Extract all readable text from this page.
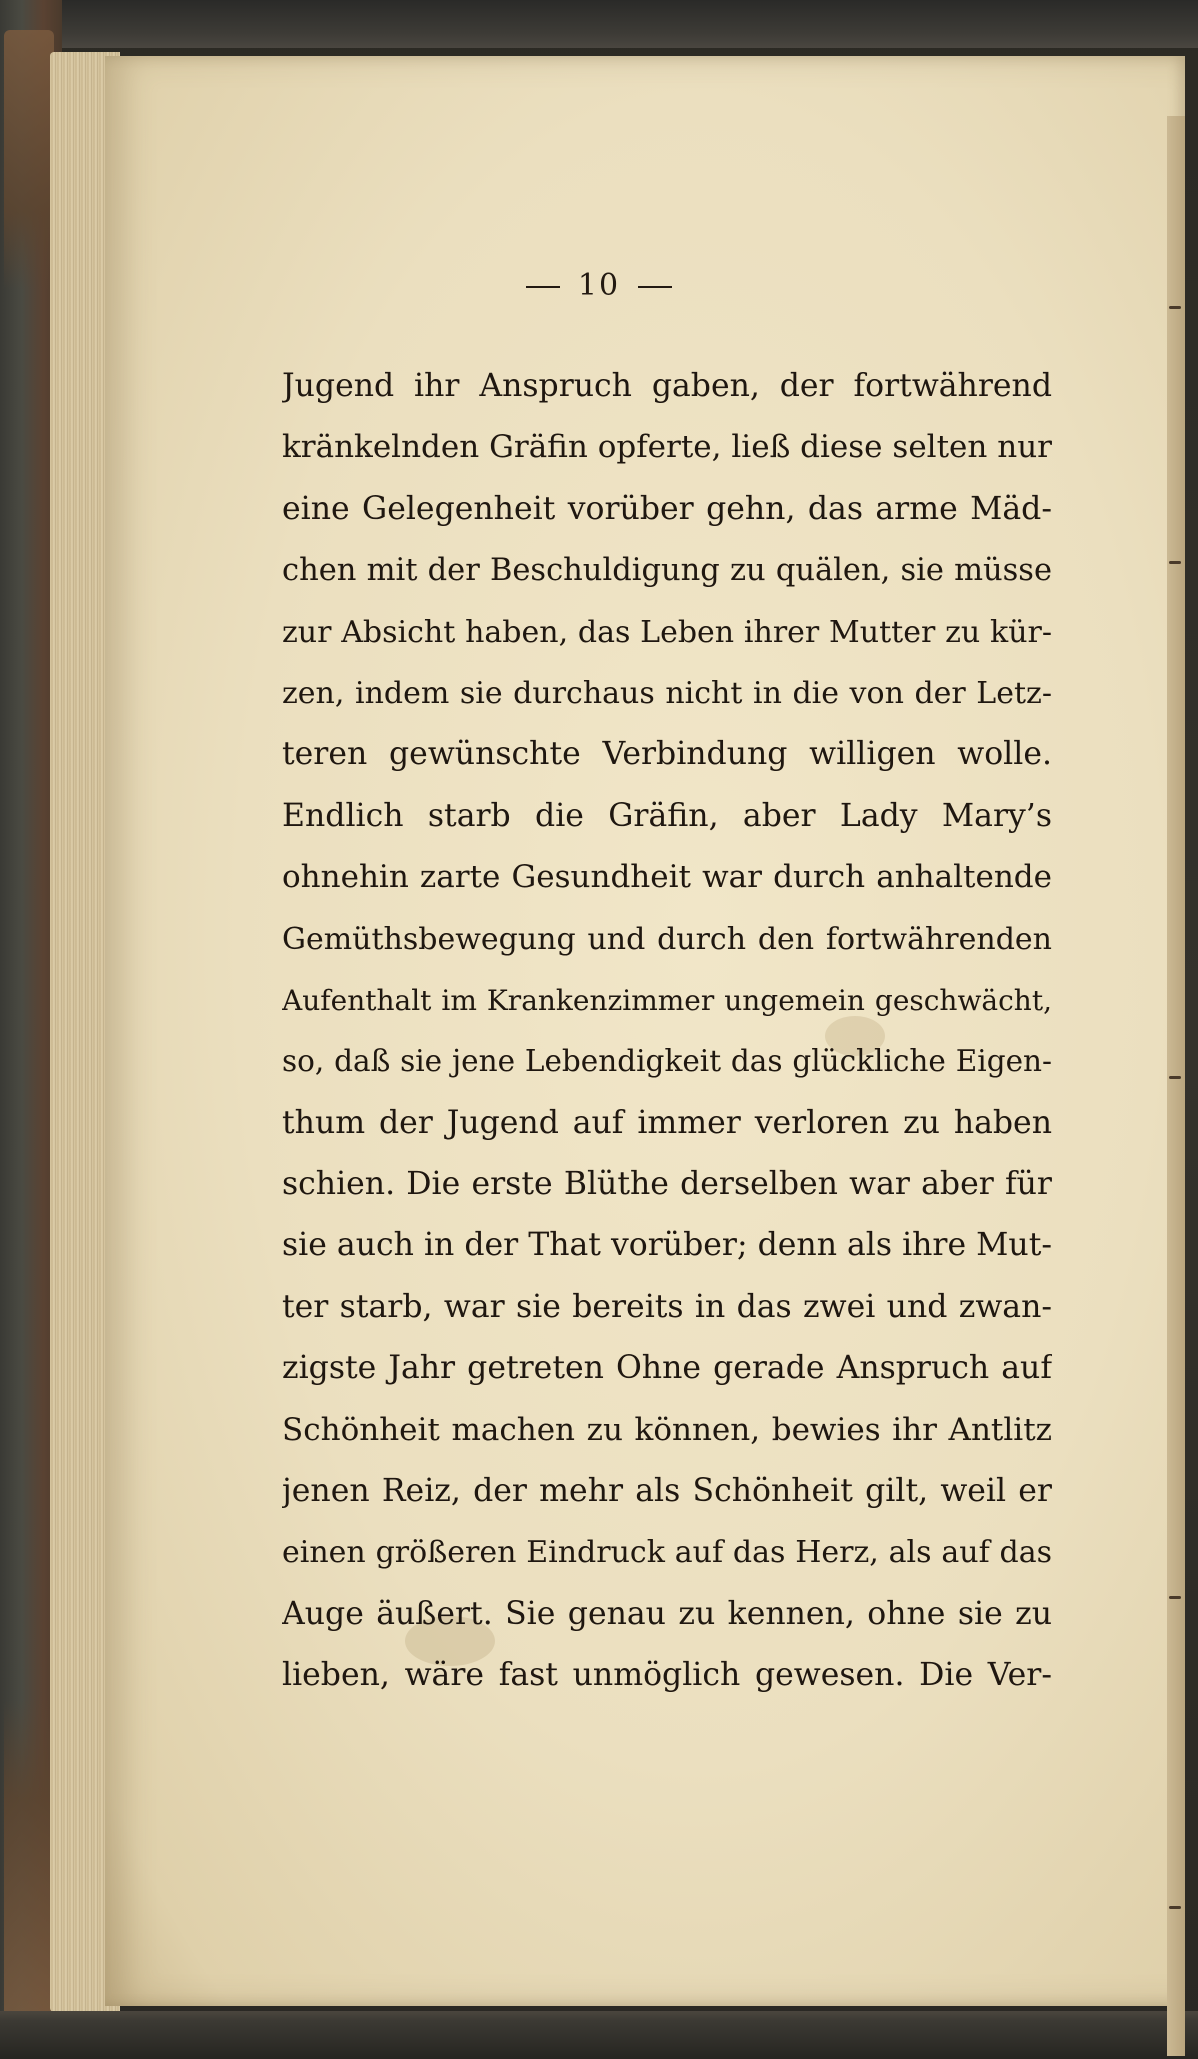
10
Jugend ihr Anspruch gaben, der fortwährend
kränkelnden Gräfin opferte, ließ diese selten nur
eine Gelegenheit vorüber gehn, das arme Mäd-
chen mit der Beschuldigung zu quälen, sie müsse
zur Absicht haben, das Leben ihrer Mutter zu kür-
zen, indem sie durchaus nicht in die von der Letz-
teren gewünschte Verbindung willigen wolle.
Endlich starb die Gräfin, aber Lady Mary’s
ohnehin zarte Gesundheit war durch anhaltende
Gemüthsbewegung und durch den fortwährenden
Aufenthalt im Krankenzimmer ungemein geschwächt,
so, daß sie jene Lebendigkeit das glückliche Eigen-
thum der Jugend auf immer verloren zu haben
schien. Die erste Blüthe derselben war aber für
sie auch in der That vorüber; denn als ihre Mut-
ter starb, war sie bereits in das zwei und zwan-
zigste Jahr getreten Ohne gerade Anspruch auf
Schönheit machen zu können, bewies ihr Antlitz
jenen Reiz, der mehr als Schönheit gilt, weil er
einen größeren Eindruck auf das Herz, als auf das
Auge äußert. Sie genau zu kennen, ohne sie zu
lieben, wäre fast unmöglich gewesen. Die Ver-
